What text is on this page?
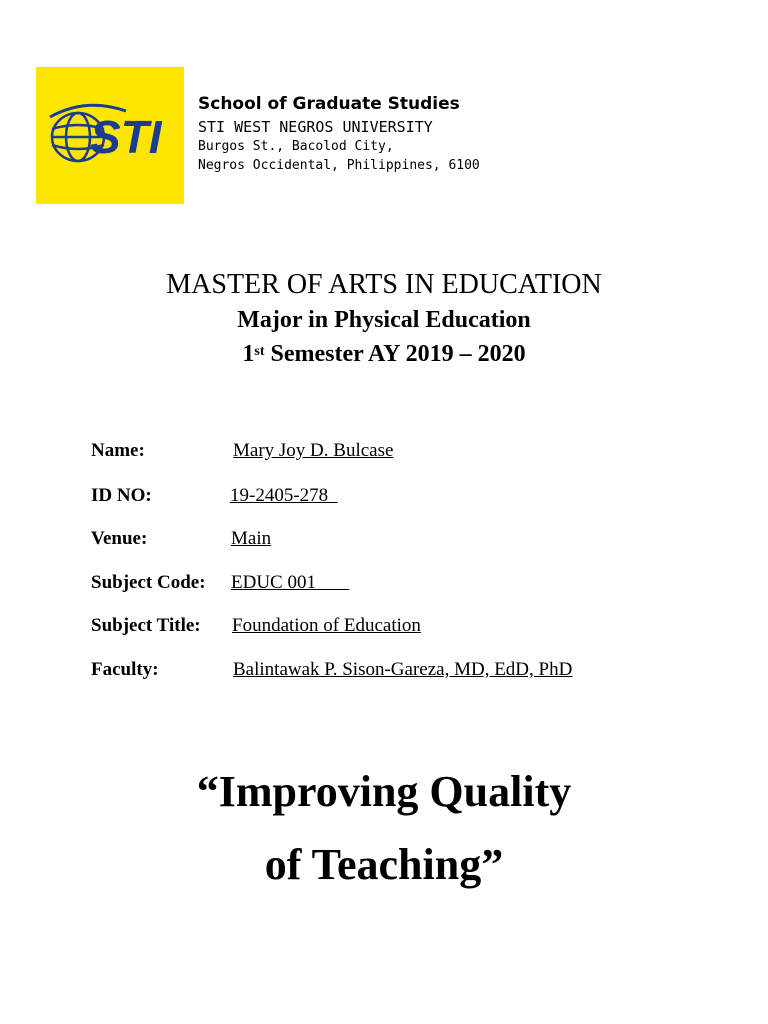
STI
School of Graduate Studies
STI WEST NEGROS UNIVERSITY
Burgos St., Bacolod City,
Negros Occidental, Philippines, 6100
MASTER OF ARTS IN EDUCATION
Major in Physical Education
1st Semester AY 2019 – 2020
Name:	Mary Joy D. Bulcase
ID NO:	19-2405-278
Venue:	Main
Subject Code: EDUC 001
Subject Title: Foundation of Education
Faculty:	Balintawak P. Sison-Gareza, MD, EdD, PhD
“Improving Quality
of Teaching”
